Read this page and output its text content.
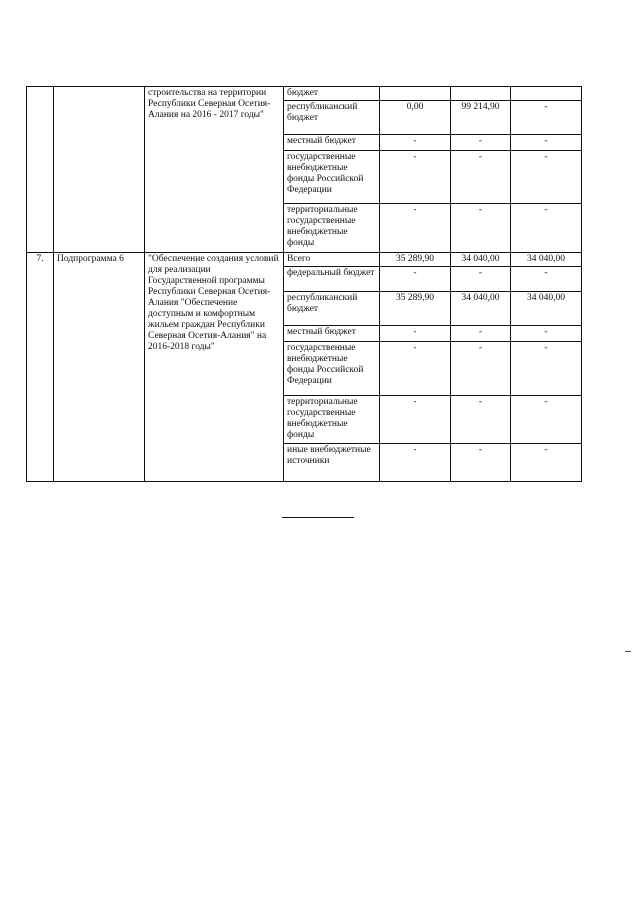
		строительства на территории Республики Северная Осетия-Алания на 2016 - 2017 годы"	бюджет			
			республиканский бюджет	0,00	99 214,90	-
			местный бюджет	-	-	-
			государственные внебюджетные фонды Российской Федерации	-	-	-
			территориальные государственные внебюджетные фонды	-	-	-
7.	Подпрограмма 6	"Обеспечение создания условий для реализации Государственной программы Республики Северная Осетия-Алания "Обеспечение доступным и комфортным жильем граждан Республики Северная Осетия-Алания" на 2016-2018 годы"	Всего	35 289,90	34 040,00	34 040,00
			федеральный бюджет	-	-	-
			республиканский бюджет	35 289,90	34 040,00	34 040,00
			местный бюджет	-	-	-
			государственные внебюджетные фонды Российской Федерации	-	-	-
			территориальные государственные внебюджетные фонды	-	-	-
			иные внебюджетные источники	-	-	-
